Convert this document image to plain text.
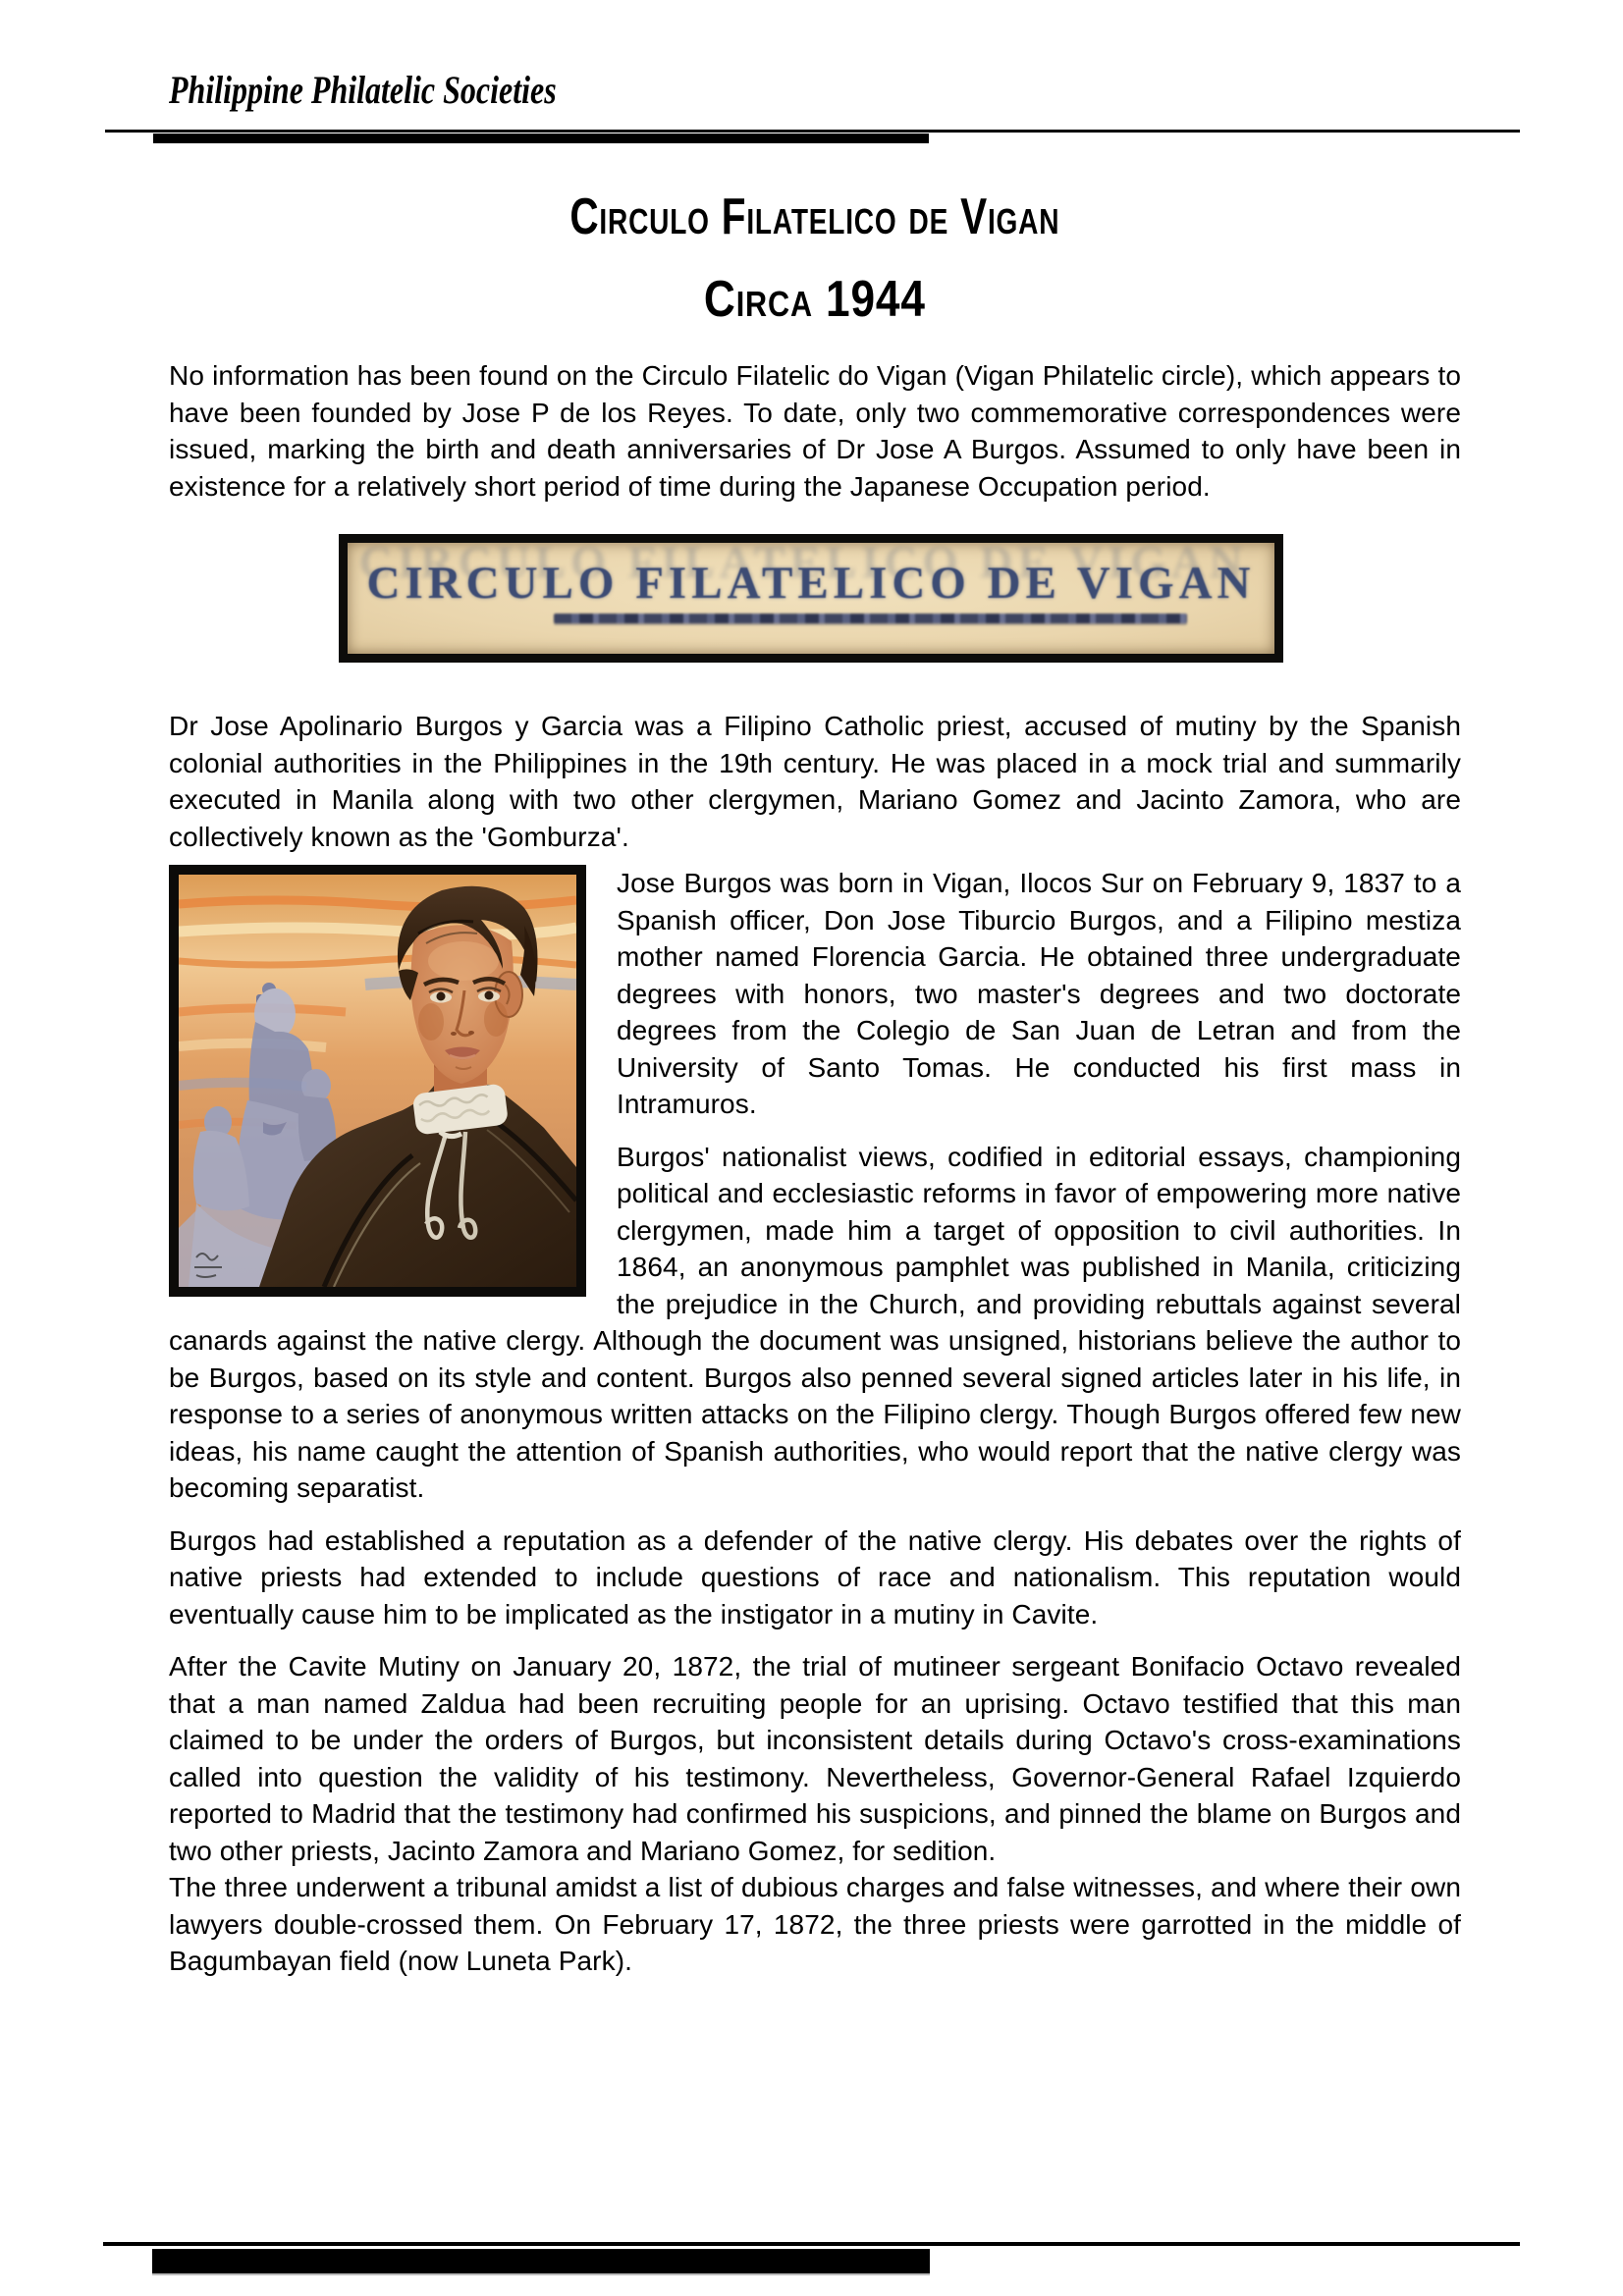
Philippine Philatelic Societies
Circulo Filatelico de Vigan
Circa 1944

No information has been found on the Circulo Filatelic do Vigan (Vigan Philatelic circle), which appears to have been founded by Jose P de los Reyes. To date, only two commemorative correspondences were issued, marking the birth and death anniversaries of Dr Jose A Burgos. Assumed to only have been in existence for a relatively short period of time during the Japanese Occupation period.

CIRCULO FILATELICO DE VIGAN

Dr Jose Apolinario Burgos y Garcia was a Filipino Catholic priest, accused of mutiny by the Spanish colonial authorities in the Philippines in the 19th century. He was placed in a mock trial and summarily executed in Manila along with two other clergymen, Mariano Gomez and Jacinto Zamora, who are collectively known as the 'Gomburza'.

Jose Burgos was born in Vigan, Ilocos Sur on February 9, 1837 to a Spanish officer, Don Jose Tiburcio Burgos, and a Filipino mestiza mother named Florencia Garcia. He obtained three undergraduate degrees with honors, two master's degrees and two doctorate degrees from the Colegio de San Juan de Letran and from the University of Santo Tomas. He conducted his first mass in Intramuros.

Burgos' nationalist views, codified in editorial essays, championing political and ecclesiastic reforms in favor of empowering more native clergymen, made him a target of opposition to civil authorities. In 1864, an anonymous pamphlet was published in Manila, criticizing the prejudice in the Church, and providing rebuttals against several canards against the native clergy. Although the document was unsigned, historians believe the author to be Burgos, based on its style and content. Burgos also penned several signed articles later in his life, in response to a series of anonymous written attacks on the Filipino clergy. Though Burgos offered few new ideas, his name caught the attention of Spanish authorities, who would report that the native clergy was becoming separatist.

Burgos had established a reputation as a defender of the native clergy. His debates over the rights of native priests had extended to include questions of race and nationalism. This reputation would eventually cause him to be implicated as the instigator in a mutiny in Cavite.

After the Cavite Mutiny on January 20, 1872, the trial of mutineer sergeant Bonifacio Octavo revealed that a man named Zaldua had been recruiting people for an uprising. Octavo testified that this man claimed to be under the orders of Burgos, but inconsistent details during Octavo's cross-examinations called into question the validity of his testimony. Nevertheless, Governor-General Rafael Izquierdo reported to Madrid that the testimony had confirmed his suspicions, and pinned the blame on Burgos and two other priests, Jacinto Zamora and Mariano Gomez, for sedition.

The three underwent a tribunal amidst a list of dubious charges and false witnesses, and where their own lawyers double-crossed them. On February 17, 1872, the three priests were garrotted in the middle of Bagumbayan field (now Luneta Park).
